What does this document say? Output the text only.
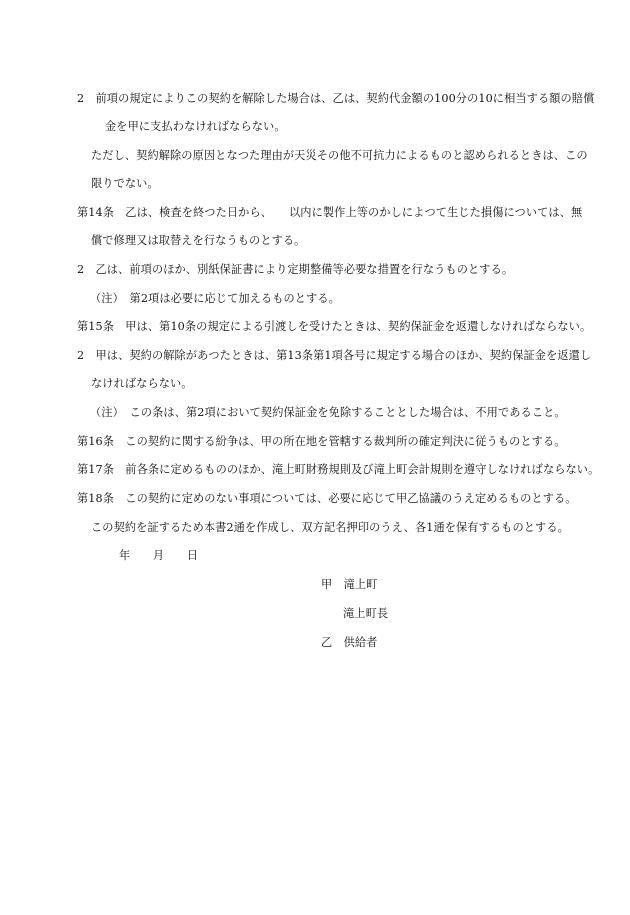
2　前項の規定によりこの契約を解除した場合は、乙は、契約代金額の100分の10に相当する額の賠償
金を甲に支払わなければならない。
ただし、契約解除の原因となつた理由が天災その他不可抗力によるものと認められるときは、この
限りでない。
第14条　乙は、検査を終つた日から、　　以内に製作上等のかしによつて生じた損傷については、無
償で修理又は取替えを行なうものとする。
2　乙は、前項のほか、別紙保証書により定期整備等必要な措置を行なうものとする。
（注）　第2項は必要に応じて加えるものとする。
第15条　甲は、第10条の規定による引渡しを受けたときは、契約保証金を返還しなければならない。
2　甲は、契約の解除があつたときは、第13条第1項各号に規定する場合のほか、契約保証金を返還し
なければならない。
（注）　この条は、第2項において契約保証金を免除することとした場合は、不用であること。
第16条　この契約に関する紛争は、甲の所在地を管轄する裁判所の確定判決に従うものとする。
第17条　前各条に定めるもののほか、滝上町財務規則及び滝上町会計規則を遵守しなければならない。
第18条　この契約に定めのない事項については、必要に応じて甲乙協議のうえ定めるものとする。
この契約を証するため本書2通を作成し、双方記名押印のうえ、各1通を保有するものとする。
年　　月　　日
甲　滝上町
滝上町長
乙　供給者
